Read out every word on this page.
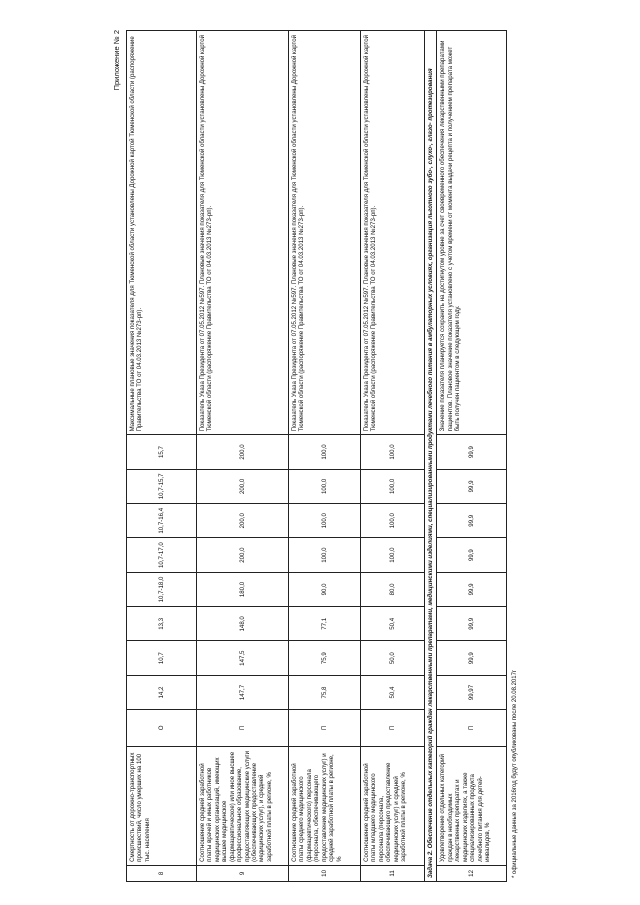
Приложение № 2
8	Смертность от дорожно-транспортных происшествий, число умерших на 100 тыс. населения	О	14,2	10,7	13,3	10,7-18,0	10,7-17,0	10,7-16,4	10,7-15,7	15,7	Максимальные плановые значения показателя для Тюменской области установлены Дорожной картой Тюменской области (распоряжение Правительства ТО от 04.03.2013 №273-рп).
9	Соотношение средней заработной платы врачей и иных работников медицинских организаций, имеющих высшее медицинское (фармацевтическое) или иное высшее профессиональное образование, предоставляющих медицинские услуги (обеспечивающих предоставление медицинских услуг), и средней заработной платы в регионе, %	П	147,7	147,5	148,0	180,0	200,0	200,0	200,0	200,0	Показатель Указа Президента от 07.05.2012 №597. Плановые значения показателя для Тюменской области установлены Дорожной картой Тюменской области (распоряжение Правительства ТО от 04.03.2013 №273-рп).
10	Соотношение средней заработной платы среднего медицинского (фармацевтического) персонала (персонала, обеспечивающего предоставление медицинских услуг) и средней заработной платы в регионе, %	П	75,8	75,9	77,1	90,0	100,0	100,0	100,0	100,0	Показатель Указа Президента от 07.05.2012 №597. Плановые значения показателя для Тюменской области установлены Дорожной картой Тюменской области (распоряжение Правительства ТО от 04.03.2013 №273-рп).
11	Соотношение средней заработной платы младшего медицинского персонала (персонала, обеспечивающего предоставление медицинских услуг) и средней заработной платы в регионе, %	П	50,4	50,0	50,4	80,0	100,0	100,0	100,0	100,0	Показатель Указа Президента от 07.05.2012 №597. Плановые значения показателя для Тюменской области установлены Дорожной картой Тюменской области (распоряжение Правительства ТО от 04.03.2013 №273-рп).
Задача 2. Обеспечение отдельных категорий граждан лекарственными препаратами, медицинскими изделиями, специализированными продуктами лечебного питания в амбулаторных условиях, организация льготного зубо-, слухо-, глазо- протезирования											
12	Удовлетворение отдельных категорий граждан в необходимых лекарственных препаратах и медицинских изделиях, а также специализированных продукта лечебного питания для детей-инвалидов, %	П	99,97	99,9	99,9	99,9	99,9	99,9	99,9	99,9	Значение показателя планируется сохранить на достигнутом уровне за счет своевременного обеспечения лекарственными препаратами пациентов. Плановое значение показателя установлено с учетом времени от момента выдачи рецепта и получением препарата может быть получен пациентом в следующем году.
* официальные данные за 2016год будут опубликованы после 20.08.2017г
